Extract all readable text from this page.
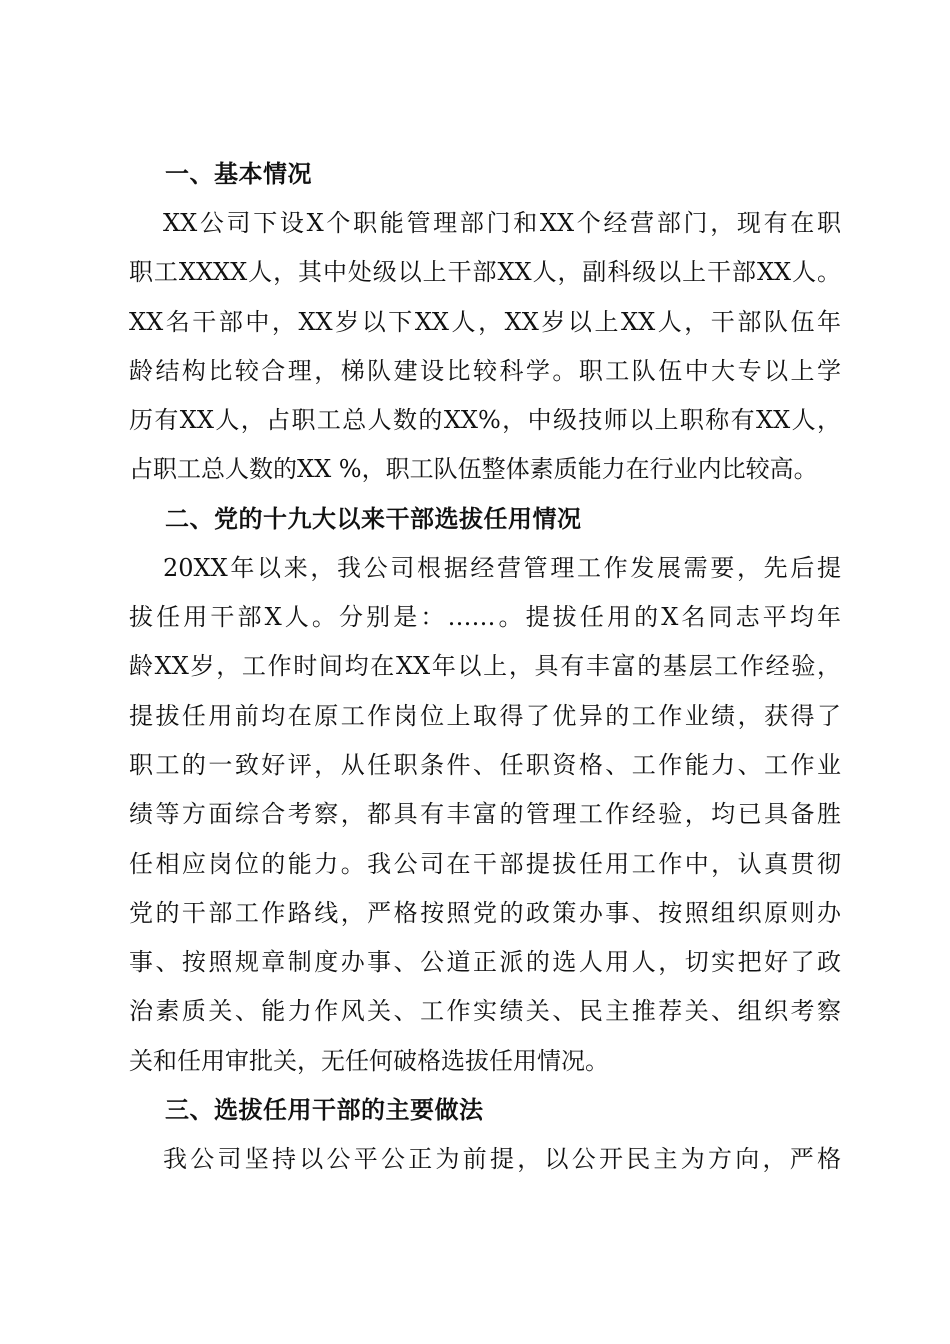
一、基本情况
XX公司下设X个职能管理部门和XX个经营部门，现有在职
职工XXXX人，其中处级以上干部XX人，副科级以上干部XX人。
XX名干部中，XX岁以下XX人，XX岁以上XX人，干部队伍年
龄结构比较合理，梯队建设比较科学。职工队伍中大专以上学
历有XX人，占职工总人数的XX%，中级技师以上职称有XX人，
占职工总人数的XX %，职工队伍整体素质能力在行业内比较高。
二、党的十九大以来干部选拔任用情况
20XX年以来，我公司根据经营管理工作发展需要，先后提
拔任用干部X人。分别是：……。提拔任用的X名同志平均年
龄XX岁，工作时间均在XX年以上，具有丰富的基层工作经验，
提拔任用前均在原工作岗位上取得了优异的工作业绩，获得了
职工的一致好评，从任职条件、任职资格、工作能力、工作业
绩等方面综合考察，都具有丰富的管理工作经验，均已具备胜
任相应岗位的能力。我公司在干部提拔任用工作中，认真贯彻
党的干部工作路线，严格按照党的政策办事、按照组织原则办
事、按照规章制度办事、公道正派的选人用人，切实把好了政
治素质关、能力作风关、工作实绩关、民主推荐关、组织考察
关和任用审批关，无任何破格选拔任用情况。
三、选拔任用干部的主要做法
我公司坚持以公平公正为前提，以公开民主为方向，严格
